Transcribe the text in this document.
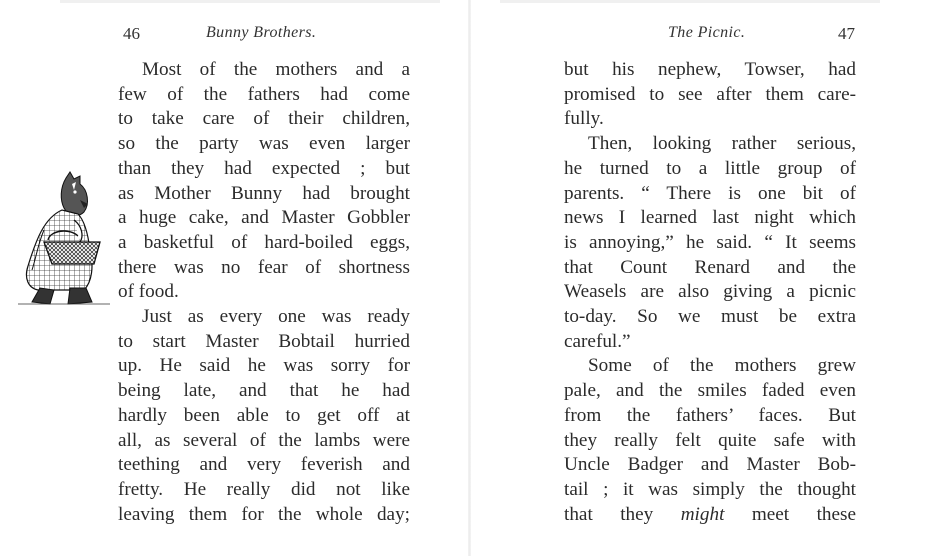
46	Bunny Brothers.
Most of the mothers and a
few of the fathers had come
to take care of their children,
so the party was even larger
than they had expected ; but
as Mother Bunny had brought
a huge cake, and Master Gobbler
a basketful of hard-boiled eggs,
there was no fear of shortness
of food.
Just as every one was ready
to start Master Bobtail hurried
up. He said he was sorry for
being late, and that he had
hardly been able to get off at
all, as several of the lambs were
teething and very feverish and
fretty. He really did not like
leaving them for the whole day;
The Picnic.	47
but his nephew, Towser, had
promised to see after them care-
fully.
Then, looking rather serious,
he turned to a little group of
parents. “ There is one bit of
news I learned last night which
is annoying,” he said. “ It seems
that Count Renard and the
Weasels are also giving a picnic
to-day. So we must be extra
careful.”
Some of the mothers grew
pale, and the smiles faded even
from the fathers’ faces. But
they really felt quite safe with
Uncle Badger and Master Bob-
tail ; it was simply the thought
that they might meet these
